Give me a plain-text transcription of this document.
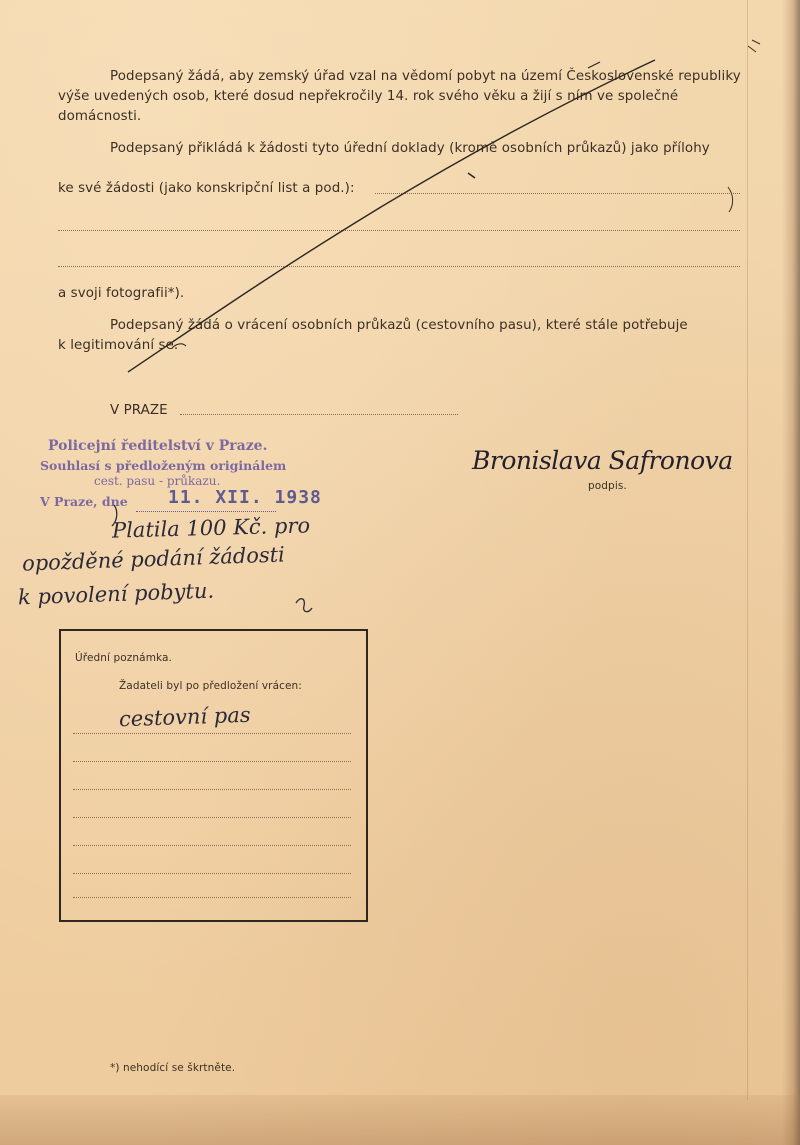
Podepsaný žádá, aby zemský úřad vzal na vědomí pobyt na území Československé republiky
výše uvedených osob, které dosud nepřekročily 14. rok svého věku a žijí s ním ve společné
domácnosti.
Podepsaný přikládá k žádosti tyto úřední doklady (kromě osobních průkazů) jako přílohy
ke své žádosti (jako konskripční list a pod.):
a svoji fotografii*).
Podepsaný žádá o vrácení osobních průkazů (cestovního pasu), které stále potřebuje
k legitimování se.
V PRAZE
Policejní ředitelství v Praze.
Souhlasí s předloženým originálem
cest. pasu - průkazu.
V Praze, dne 11. XII. 1938
Bronislava Safronova
podpis.
Platila 100 Kč. pro
opožděné podání žádosti
k povolení pobytu.
Úřední poznámka.
Žadateli byl po předložení vrácen:
cestovní pas
*) nehodící se škrtněte.
